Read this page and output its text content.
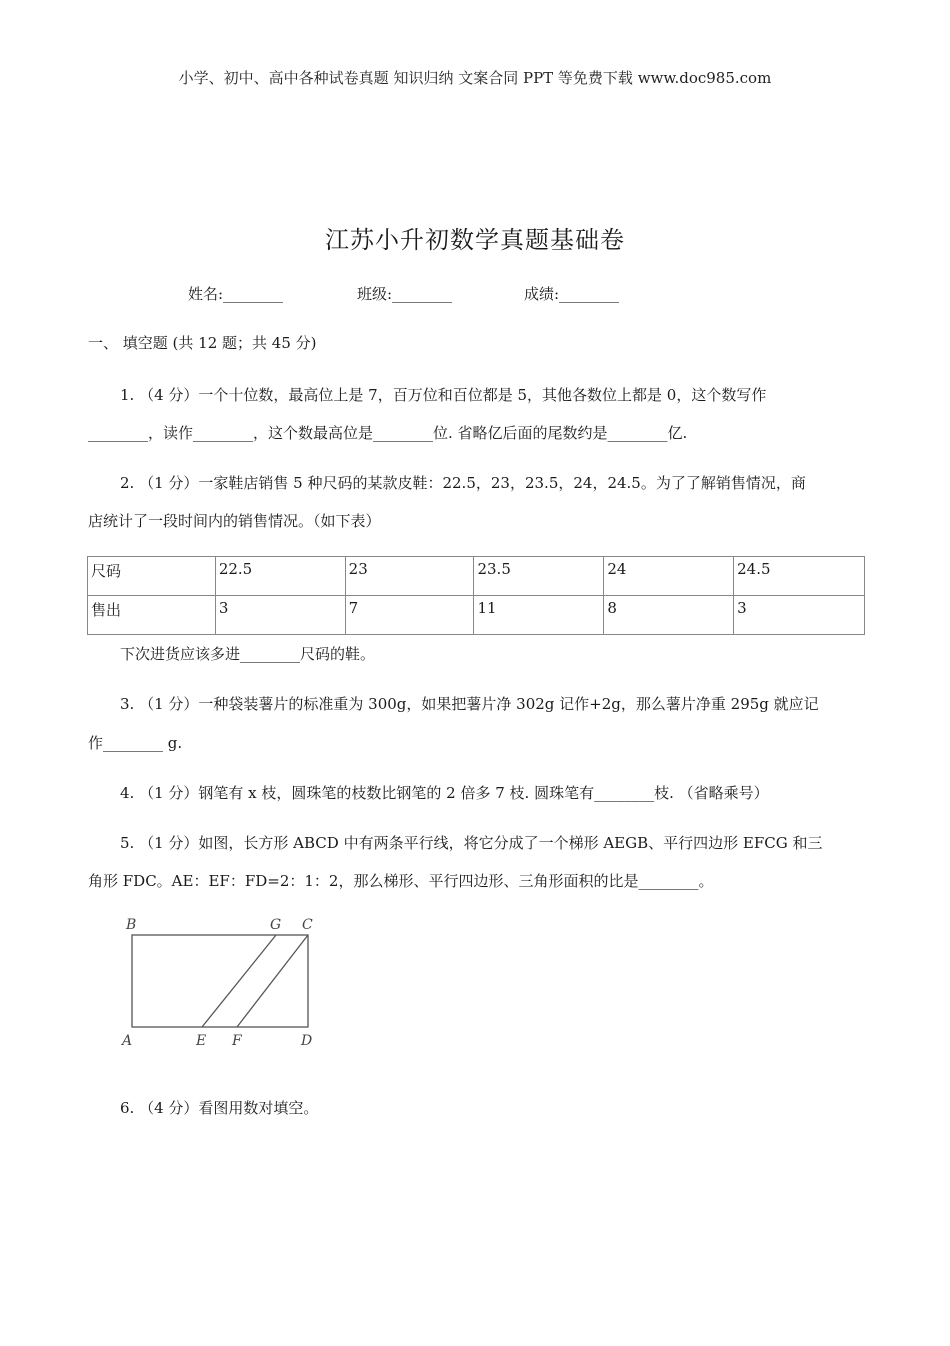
小学、初中、高中各种试卷真题 知识归纳 文案合同 PPT 等免费下载 www.doc985.com
江苏小升初数学真题基础卷
姓名:________	班级:________	成绩:________
一、 填空题 (共 12 题；共 45 分)
1. （4 分）一个十位数，最高位上是 7，百万位和百位都是 5，其他各数位上都是 0，这个数写作
________，读作________，这个数最高位是________位. 省略亿后面的尾数约是________亿.
2. （1 分）一家鞋店销售 5 种尺码的某款皮鞋：22.5，23，23.5，24，24.5。为了了解销售情况，商
店统计了一段时间内的销售情况。（如下表）
尺码	22.5	23	23.5	24	24.5
售出	3	7	11	8	3
下次进货应该多进________尺码的鞋。
3. （1 分）一种袋装薯片的标准重为 300g，如果把薯片净 302g 记作+2g，那么薯片净重 295g 就应记
作________ g.
4. （1 分）钢笔有 x 枝，圆珠笔的枝数比钢笔的 2 倍多 7 枝. 圆珠笔有________枝. （省略乘号）
5. （1 分）如图，长方形 ABCD 中有两条平行线，将它分成了一个梯形 AEGB、平行四边形 EFCG 和三
角形 FDC。AE：EF：FD=2：1：2，那么梯形、平行四边形、三角形面积的比是________。
B	G C
A	E F	D
6. （4 分）看图用数对填空。
